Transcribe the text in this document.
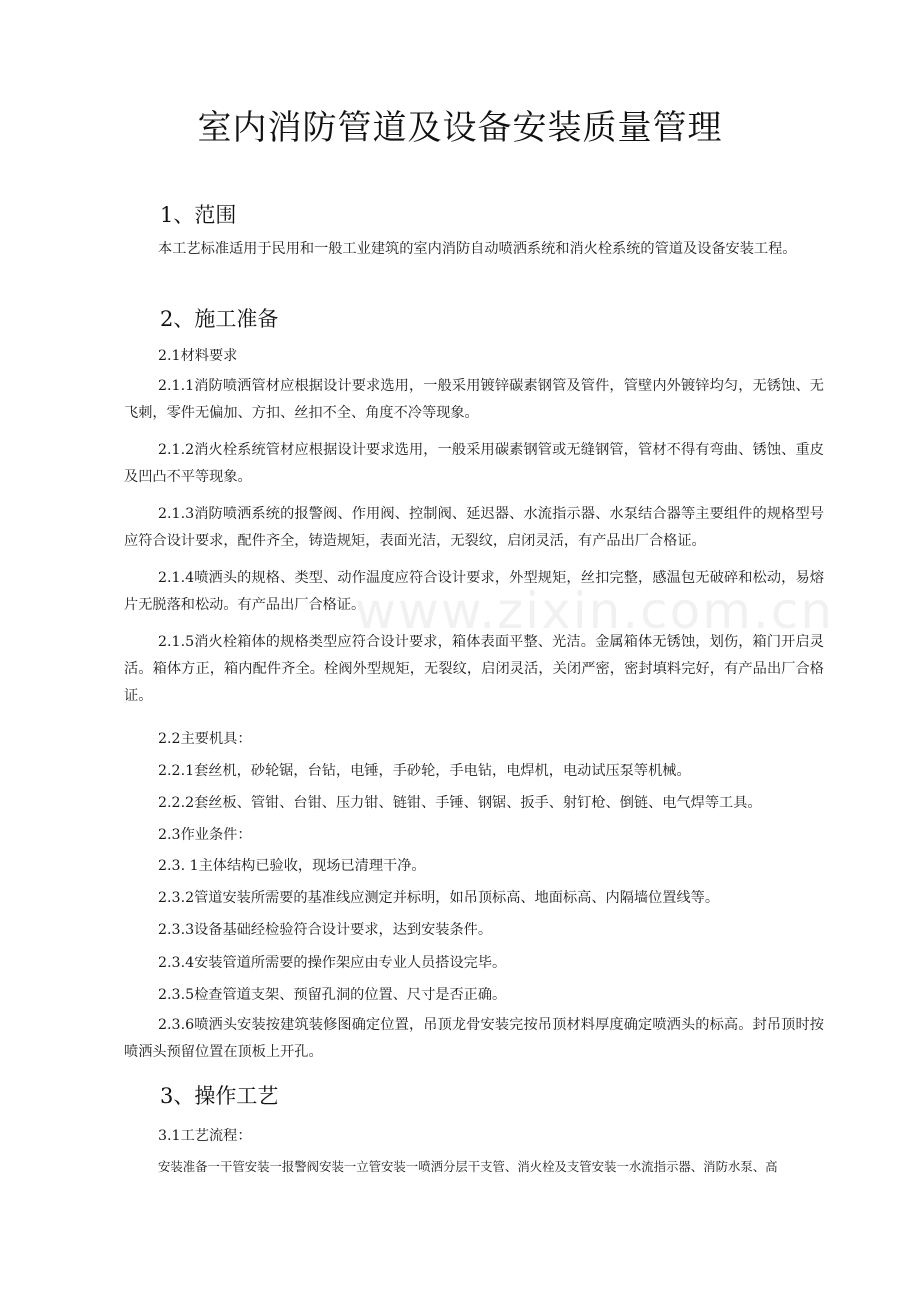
www.zixin.com.cn
室内消防管道及设备安装质量管理
1、范围
本工艺标准适用于民用和一般工业建筑的室内消防自动喷洒系统和消火栓系统的管道及设备安装工程。
2、施工准备
2.1材料要求
2.1.1消防喷洒管材应根据设计要求选用，一般采用镀锌碳素钢管及管件，管壁内外镀锌均匀，无锈蚀、无飞刺，零件无偏加、方扣、丝扣不全、角度不冷等现象。
2.1.2消火栓系统管材应根据设计要求选用，一般采用碳素钢管或无缝钢管，管材不得有弯曲、锈蚀、重皮及凹凸不平等现象。
2.1.3消防喷洒系统的报警阀、作用阀、控制阀、延迟器、水流指示器、水泵结合器等主要组件的规格型号应符合设计要求，配件齐全，铸造规矩，表面光洁，无裂纹，启闭灵活，有产品出厂合格证。
2.1.4喷洒头的规格、类型、动作温度应符合设计要求，外型规矩，丝扣完整，感温包无破碎和松动，易熔片无脱落和松动。有产品出厂合格证。
2.1.5消火栓箱体的规格类型应符合设计要求，箱体表面平整、光洁。金属箱体无锈蚀，划伤，箱门开启灵活。箱体方正，箱内配件齐全。栓阀外型规矩，无裂纹，启闭灵活，关闭严密，密封填料完好，有产品出厂合格证。
2.2主要机具：
2.2.1套丝机，砂轮锯，台钻，电锤，手砂轮，手电钻，电焊机，电动试压泵等机械。
2.2.2套丝板、管钳、台钳、压力钳、链钳、手锤、钢锯、扳手、射钉枪、倒链、电气焊等工具。
2.3作业条件：
2.3. 1主体结构已验收，现场已清理干净。
2.3.2管道安装所需要的基准线应测定并标明，如吊顶标高、地面标高、内隔墙位置线等。
2.3.3设备基础经检验符合设计要求，达到安装条件。
2.3.4安装管道所需要的操作架应由专业人员搭设完毕。
2.3.5检查管道支架、预留孔洞的位置、尺寸是否正确。
2.3.6喷洒头安装按建筑装修图确定位置，吊顶龙骨安装完按吊顶材料厚度确定喷洒头的标高。封吊顶时按喷洒头预留位置在顶板上开孔。
3、操作工艺
3.1工艺流程：
安装准备一干管安装一报警阀安装一立管安装一喷洒分层干支管、消火栓及支管安装一水流指示器、消防水泵、高
